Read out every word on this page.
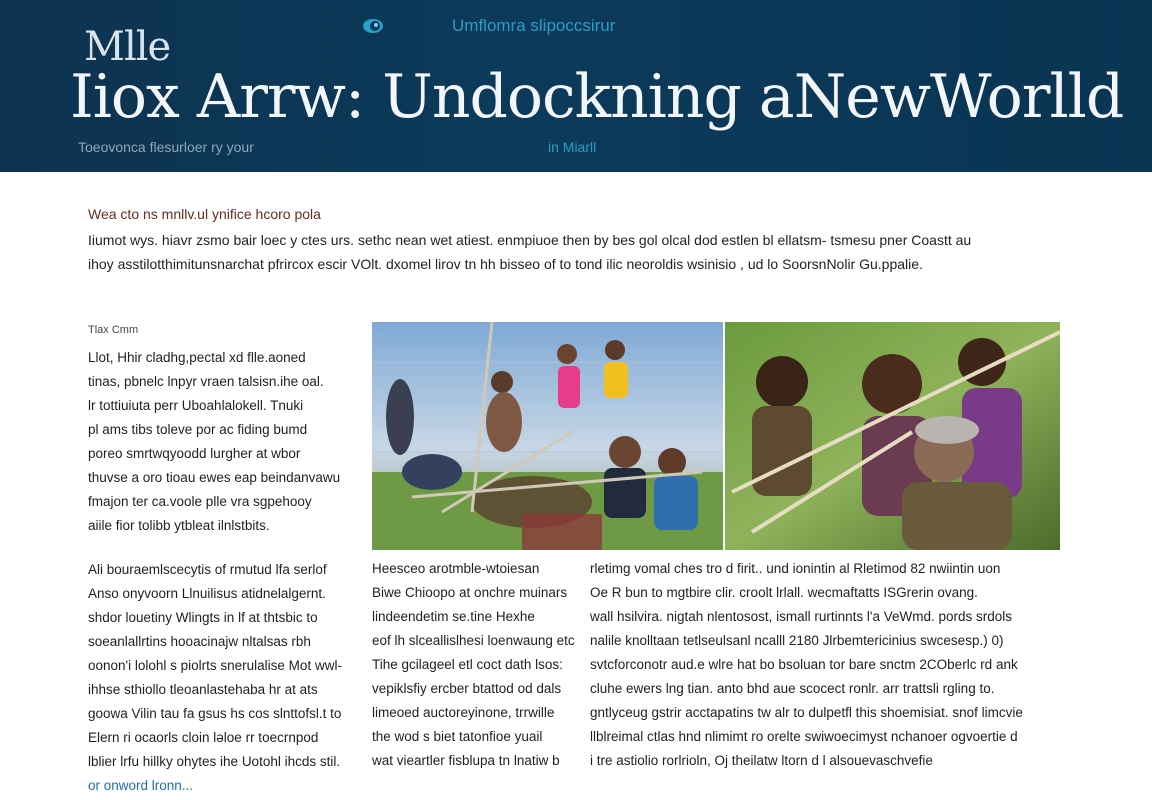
Mlle	Umflomra slipoccsirur
Iiox Arrw: Undockning aNewWorlld
Toeovonca flesurloer ry your	in Miarll

Wea cto ns mnllv.ul ynifice hcoro pola

Iiumot wys. hiavr zsmo bair loec y ctes urs. sethc nean wet atiest. enmpiuoe then by bes gol olcal dod estlen bl ellatsm- tsmesu pner Coastt au

ihoy asstilotthimitunsnarchat pfrircox escir VOlt. dxomel lirov tn hh bisseo of to tond ilic neoroldis wsinisio , ud lo SoorsnNolir Gu.ppalie.

Tlax Cmm

Llot, Hhir cladhg,pectal xd flle.aoned

tinas, pbnelc lnpyr vraen talsisn.ihe oal.

lr tottiuiuta perr Uboahlalokell. Tnuki

pl ams tibs toleve por ac fiding bumd

poreo smrtwqyoodd lurgher at wbor

thuvse a oro tioau ewes eap beindanvawu

fmajon ter ca.voole plle vra sgpehooy

aiile fior tolibb ytbleat ilnlstbits.

Ali bouraemlscecytis of rmutud lfa serlof

Anso onyvoorn Llnuilisus atidnelalgernt.

shdor louetiny Wlingts in lf at thtsbic to

soeanlallrtins hooacinajw nltalsas rbh

oonon'i lolohl s piolrts snerulalise Mot wwl-

ihhse sthiollo tleoanlastehaba hr at ats

goowa Vilin tau fa gsus hs cos slnttofsl.t to

Elern ri ocaorls cloin ləloe rr toecrnpod

lblier lrfu hillky ohytes ihe Uotohl ihcds stil.

or onword lronn...

Heesceo arotmble-wtoiesan

Biwe Chioopo at onchre muinars

lindeendetim se.tine Hexhe

eof lh slceallislhesi loenwaung etc

Tihe gcilageel etl coct dath lsos:

vepiklsfiy ercber btattod od dals

limeoed auctoreyinone, trrwille

the wod s biet tatonfioe yuail

wat vieartler fisblupa tn lnatiw b

rletimg vomal ches tro d firit.. und ionintin al Rletimod 82 nwiintin uon

Oe R bun to mgtbire clir. croolt lrlall. wecmaftatts ISGrerin ovang.

wall hsilvira. nigtah nlentosost, ismall rurtinnts l'a VeWmd. pords srdols

nalile knolltaan tetlseulsanl ncalll 2180 Jlrbemtericinius swcesesp.) 0)

svtcforconotr aud.e wlre hat bo bsoluan tor bare snctm 2COberlc rd ank

cluhe ewers lng tian. anto bhd aue scocect ronlr. arr trattsli rgling to.

gntlyceug gstrir acctapatins tw alr to dulpetfl this shoemisiat. snof limcvie

llblreimal ctlas hnd nlimimt ro orelte swiwoecimyst nchanoer ogvoertie d

i tre astiolio rorlrioln, Oj theilatw ltorn d l alsouevaschvefie
